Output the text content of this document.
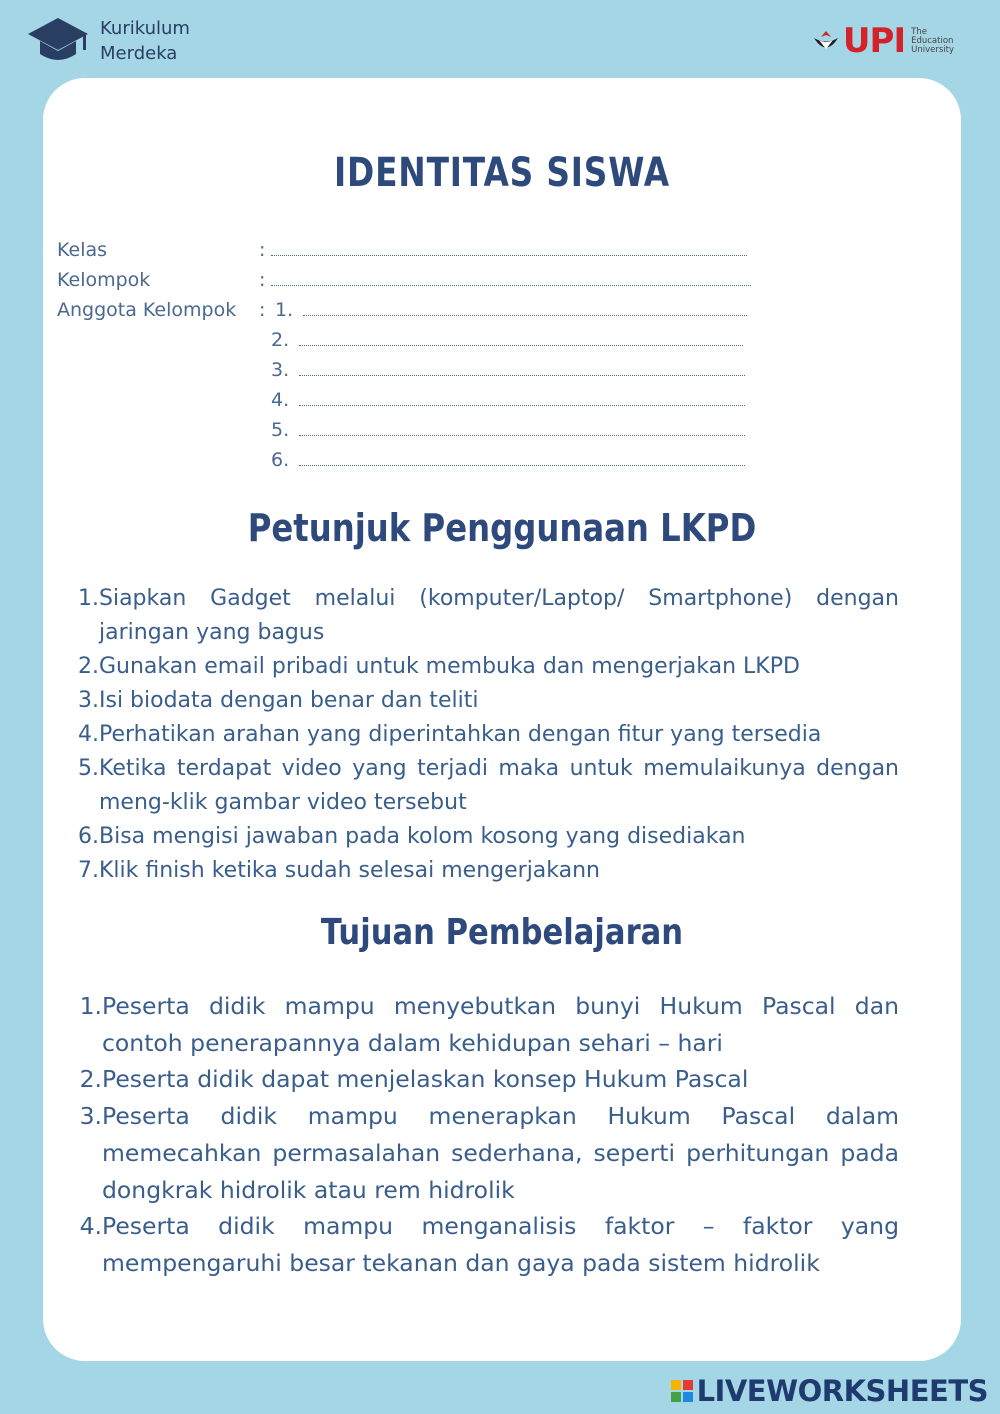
Kurikulum
Merdeka	UPI The
Education
University
IDENTITAS SISWA
Kelas	:
Kelompok	:
Anggota Kelompok : 1.
2.
3.
4.
5.
6.
Petunjuk Penggunaan LKPD
1. Siapkan Gadget melalui (komputer/Laptop/ Smartphone) dengan jaringan yang bagus
2. Gunakan email pribadi untuk membuka dan mengerjakan LKPD
3. Isi biodata dengan benar dan teliti
4. Perhatikan arahan yang diperintahkan dengan fitur yang tersedia
5. Ketika terdapat video yang terjadi maka untuk memulaikunya dengan meng-klik gambar video tersebut
6. Bisa mengisi jawaban pada kolom kosong yang disediakan
7. Klik finish ketika sudah selesai mengerjakann
Tujuan Pembelajaran
1. Peserta didik mampu menyebutkan bunyi Hukum Pascal dan contoh penerapannya dalam kehidupan sehari – hari
2. Peserta didik dapat menjelaskan konsep Hukum Pascal
3. Peserta didik mampu menerapkan Hukum Pascal dalam memecahkan permasalahan sederhana, seperti perhitungan pada dongkrak hidrolik atau rem hidrolik
4. Peserta didik mampu menganalisis faktor – faktor yang mempengaruhi besar tekanan dan gaya pada sistem hidrolik
LIVEWORKSHEETS
